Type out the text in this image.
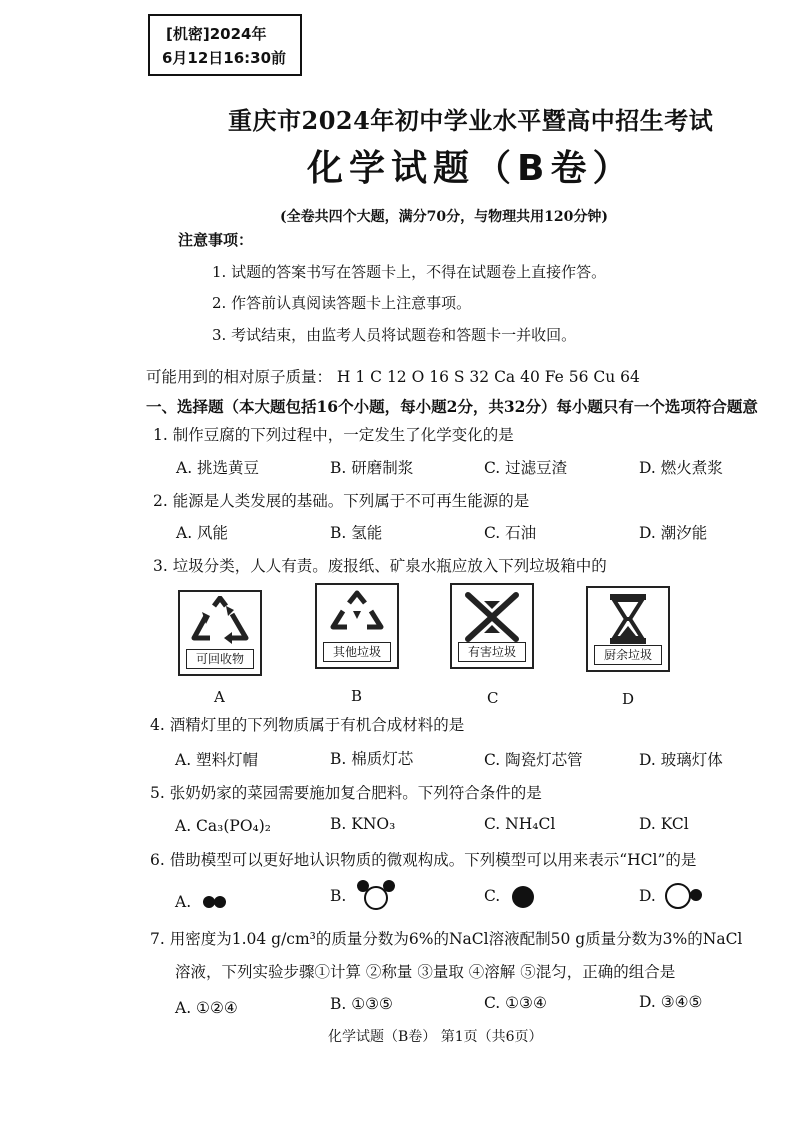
[机密]2024年
6月12日16:30前
重庆市2024年初中学业水平暨高中招生考试
化学试题（B卷）
(全卷共四个大题，满分70分，与物理共用120分钟)
注意事项：
1. 试题的答案书写在答题卡上，不得在试题卷上直接作答。
2. 作答前认真阅读答题卡上注意事项。
3. 考试结束，由监考人员将试题卷和答题卡一并收回。
可能用到的相对原子质量： H 1 C 12 O 16 S 32 Ca 40 Fe 56 Cu 64
一、选择题（本大题包括16个小题，每小题2分，共32分）每小题只有一个选项符合题意
1. 制作豆腐的下列过程中，一定发生了化学变化的是
A. 挑选黄豆	B. 研磨制浆	C. 过滤豆渣	D. 燃火煮浆
2. 能源是人类发展的基础。下列属于不可再生能源的是
A. 风能	B. 氢能	C. 石油	D. 潮汐能
3. 垃圾分类，人人有责。废报纸、矿泉水瓶应放入下列垃圾箱中的
可回收物	其他垃圾	有害垃圾	厨余垃圾
A	B	C	D
4. 酒精灯里的下列物质属于有机合成材料的是
A. 塑料灯帽	B. 棉质灯芯	C. 陶瓷灯芯管	D. 玻璃灯体
5. 张奶奶家的菜园需要施加复合肥料。下列符合条件的是
A. Ca₃(PO₄)₂	B. KNO₃	C. NH₄Cl	D. KCl
6. 借助模型可以更好地认识物质的微观构成。下列模型可以用来表示“HCl”的是
A.	B.	C.	D.
7. 用密度为1.04 g/cm³的质量分数为6%的NaCl溶液配制50 g质量分数为3%的NaCl
溶液，下列实验步骤①计算 ②称量 ③量取 ④溶解 ⑤混匀，正确的组合是
A. ①②④	B. ①③⑤	C. ①③④	D. ③④⑤
化学试题（B卷） 第1页（共6页）
